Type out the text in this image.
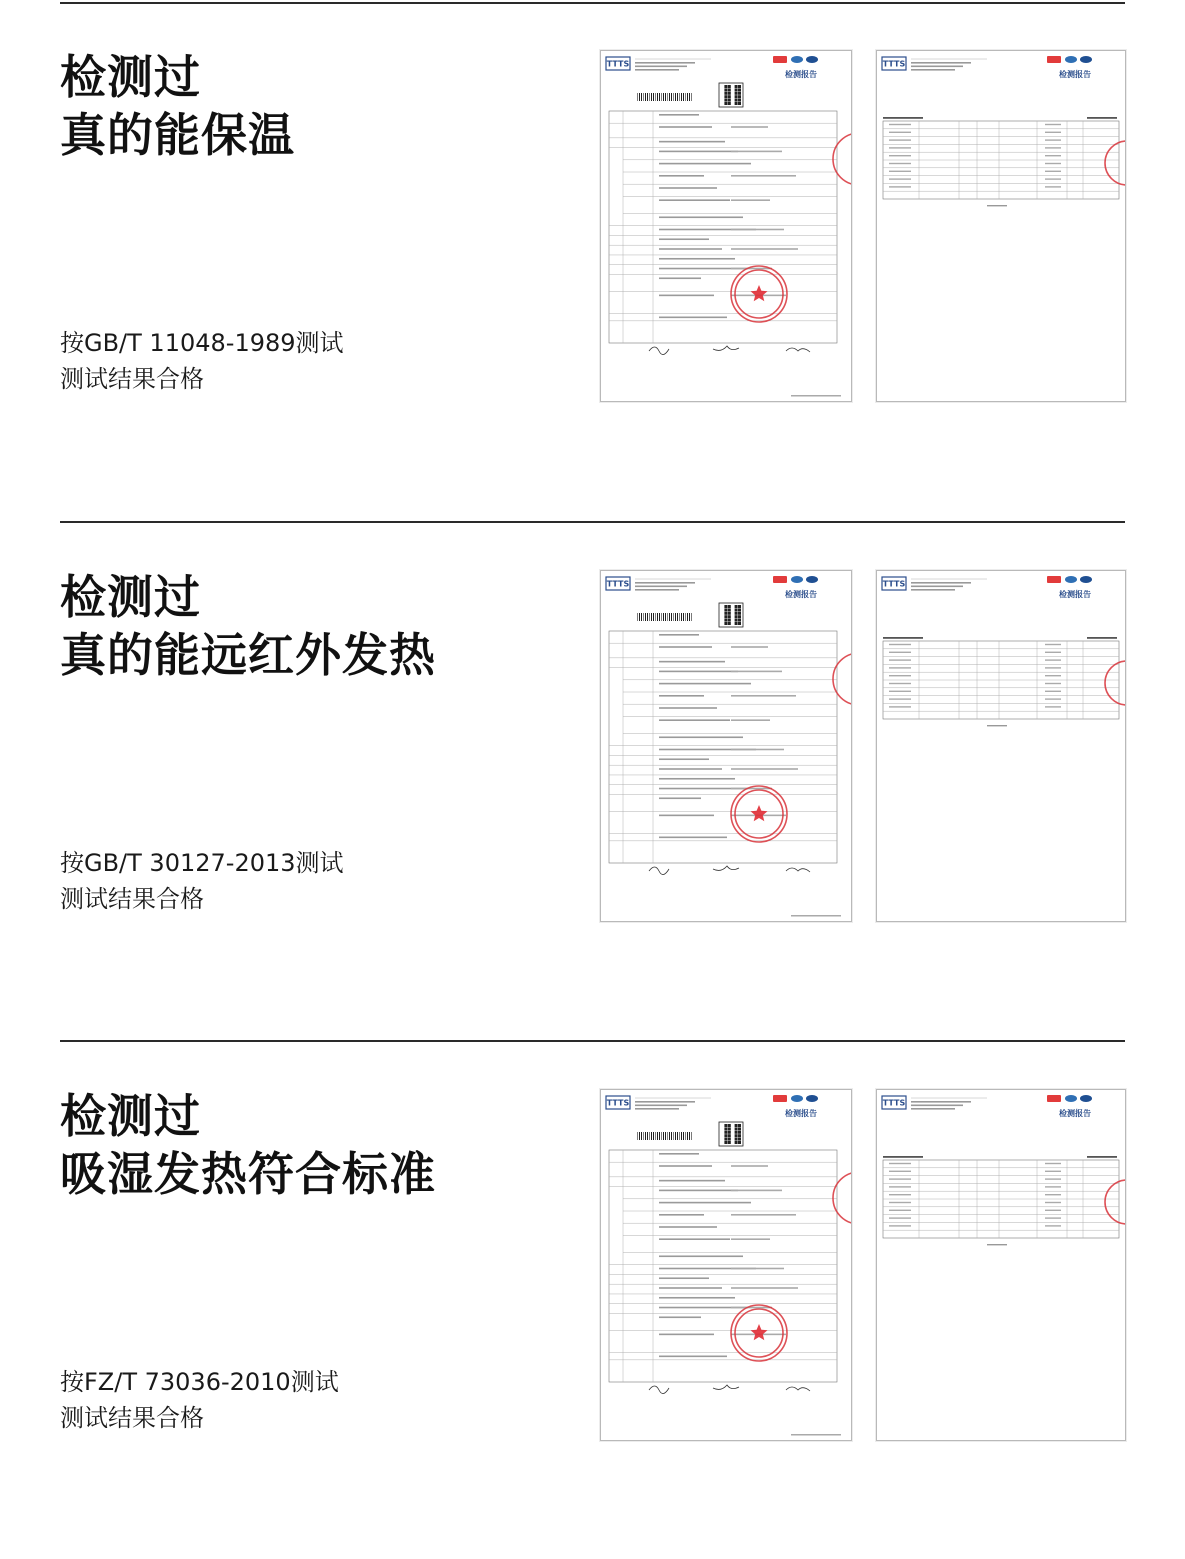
检测过
真的能保温
按GB/T 11048-1989测试
测试结果合格
TTTS
检测报告
TTTS
检测报告
检测过
真的能远红外发热
按GB/T 30127-2013测试
测试结果合格
TTTS
检测报告
TTTS
检测报告
检测过
吸湿发热符合标准
按FZ/T 73036-2010测试
测试结果合格
TTTS
检测报告
TTTS
检测报告
